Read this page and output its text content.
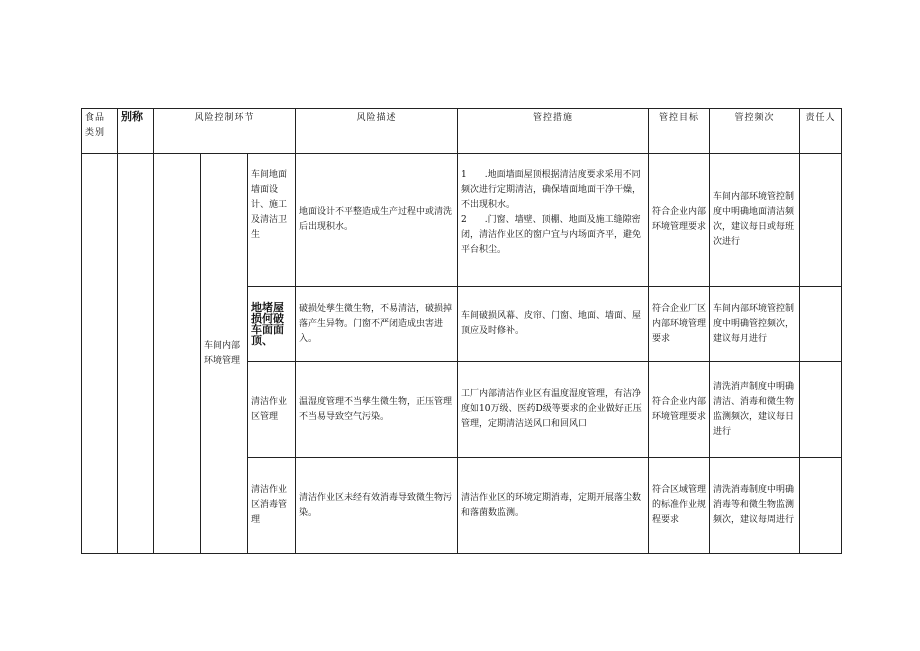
食品类别	别称	风险控制环节			风险描述	管控措施	管控目标	管控频次	责任人
			车间内部环境管理	车间地面墙面设计、施工及清洁卫生	地面设计不平整造成生产过程中或清洗后出现积水。	1　　.地面墙面屋顶根据清洁度要求采用不同频次进行定期清洁，确保墙面地面干净干燥，不出现积水。
2　　.门窗、墙壁、顶棚、地面及施工缝隙密闭，清洁作业区的窗户宜与内场面齐平，避免平台积尘。	符合企业内部环境管理要求	车间内部环境管控制度中明确地面清洁频次，建议每日或每班次进行	
				地堵屋损何破车面面顶、	破损处孳生微生物，不易清洁，破损掉落产生异物。门窗不严闭造成虫害进入。	车间破损风幕、皮帘、门窗、地面、墙面、屋顶应及时修补。	符合企业厂区内部环境管理要求	车间内部环境管控制度中明确管控频次，建议每月进行	
				清洁作业区管理	温湿度管理不当孳生微生物，正压管理不当易导致空气污染。	工厂内部清洁作业区有温度湿度管理，有洁净度如10万级、医药D级等要求的企业做好正压管理，定期清洁送风口和回风口	符合企业内部环境管理要求	清洗消声制度中明确清洁、消毒和微生物监测频次，建议每日进行	
				清洁作业区消毒管理	清洁作业区未经有效消毒导致微生物污染。	清洁作业区的环境定期消毒，定期开展落尘数和落菌数监测。	符合区域管理的标准作业规程要求	清洗消毒制度中明确消毒等和微生物监测频次，建议每周进行	
